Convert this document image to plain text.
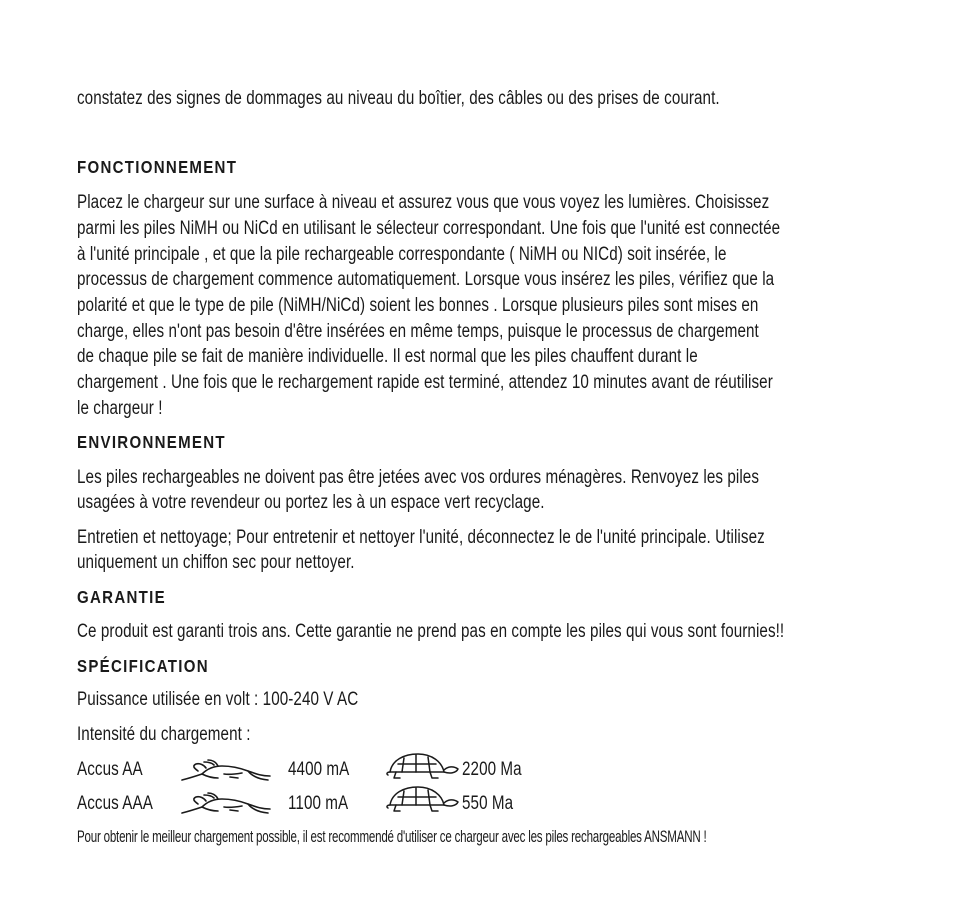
constatez des signes de dommages au niveau du boîtier, des câbles ou des prises de courant.
FONCTIONNEMENT
Placez le chargeur sur une surface à niveau et assurez vous que vous voyez les lumières. Choisissez
parmi les piles NiMH ou NiCd en utilisant le sélecteur correspondant. Une fois que l'unité est connectée
à l'unité principale , et que la pile rechargeable correspondante ( NiMH ou NICd) soit insérée, le
processus de chargement commence automatiquement. Lorsque vous insérez les piles, vérifiez que la
polarité et que le type de pile (NiMH/NiCd) soient les bonnes . Lorsque plusieurs piles sont mises en
charge, elles n'ont pas besoin d'être insérées en même temps, puisque le processus de chargement
de chaque pile se fait de manière individuelle. Il est normal que les piles chauffent durant le
chargement . Une fois que le rechargement rapide est terminé, attendez 10 minutes avant de réutiliser
le chargeur !
ENVIRONNEMENT
Les piles rechargeables ne doivent pas être jetées avec vos ordures ménagères. Renvoyez les piles
usagées à votre revendeur ou portez les à un espace vert recyclage.
Entretien et nettoyage; Pour entretenir et nettoyer l'unité, déconnectez le de l'unité principale. Utilisez
uniquement un chiffon sec pour nettoyer.
GARANTIE
Ce produit est garanti trois ans. Cette garantie ne prend pas en compte les piles qui vous sont fournies!!
SPÉCIFICATION
Puissance utilisée en volt : 100-240 V AC
Intensité du chargement :
Accus AA	4400 mA	2200 Ma
Accus AAA	1100 mA	550 Ma
Pour obtenir le meilleur chargement possible, il est recommendé d'utiliser ce chargeur avec les piles rechargeables ANSMANN !
